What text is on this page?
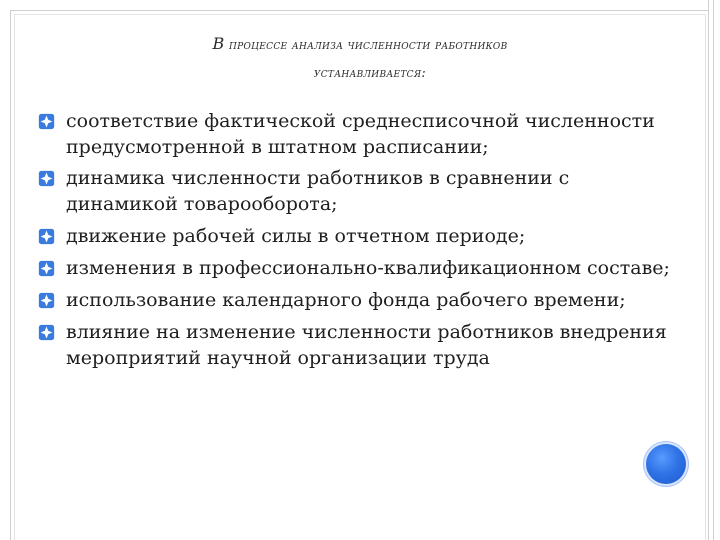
В процессе анализа численности работников
устанавливается:
соответствие фактической среднесписочной численности предусмотренной в штатном расписании;
динамика численности работников в сравнении с динамикой товарооборота;
движение рабочей силы в отчетном периоде;
изменения в профессионально-квалификационном составе;
использование календарного фонда рабочего времени;
влияние на изменение численности работников внедрения мероприятий научной организации труда
